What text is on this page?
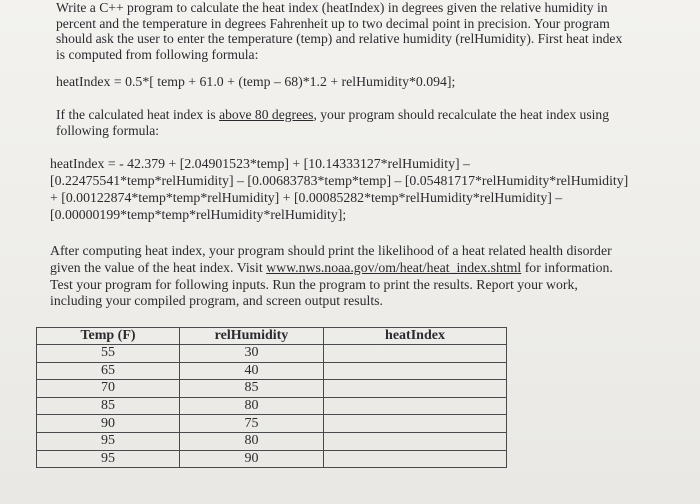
Write a C++ program to calculate the heat index (heatIndex) in degrees given the relative humidity in
percent and the temperature in degrees Fahrenheit up to two decimal point in precision. Your program
should ask the user to enter the temperature (temp) and relative humidity (relHumidity). First heat index
is computed from following formula:

heatIndex = 0.5*[ temp + 61.0 + (temp – 68)*1.2 + relHumidity*0.094];

If the calculated heat index is above 80 degrees, your program should recalculate the heat index using
following formula:

heatIndex = - 42.379 + [2.04901523*temp] + [10.14333127*relHumidity] –
[0.22475541*temp*relHumidity] – [0.00683783*temp*temp] – [0.05481717*relHumidity*relHumidity]
+ [0.00122874*temp*temp*relHumidity] + [0.00085282*temp*relHumidity*relHumidity] –
[0.00000199*temp*temp*relHumidity*relHumidity];

After computing heat index, your program should print the likelihood of a heat related health disorder
given the value of the heat index. Visit www.nws.noaa.gov/om/heat/heat_index.shtml for information.
Test your program for following inputs. Run the program to print the results. Report your work,
including your compiled program, and screen output results.

Temp (F)	relHumidity	heatIndex
55	30	
65	40	
70	85	
85	80	
90	75	
95	80	
95	90	
